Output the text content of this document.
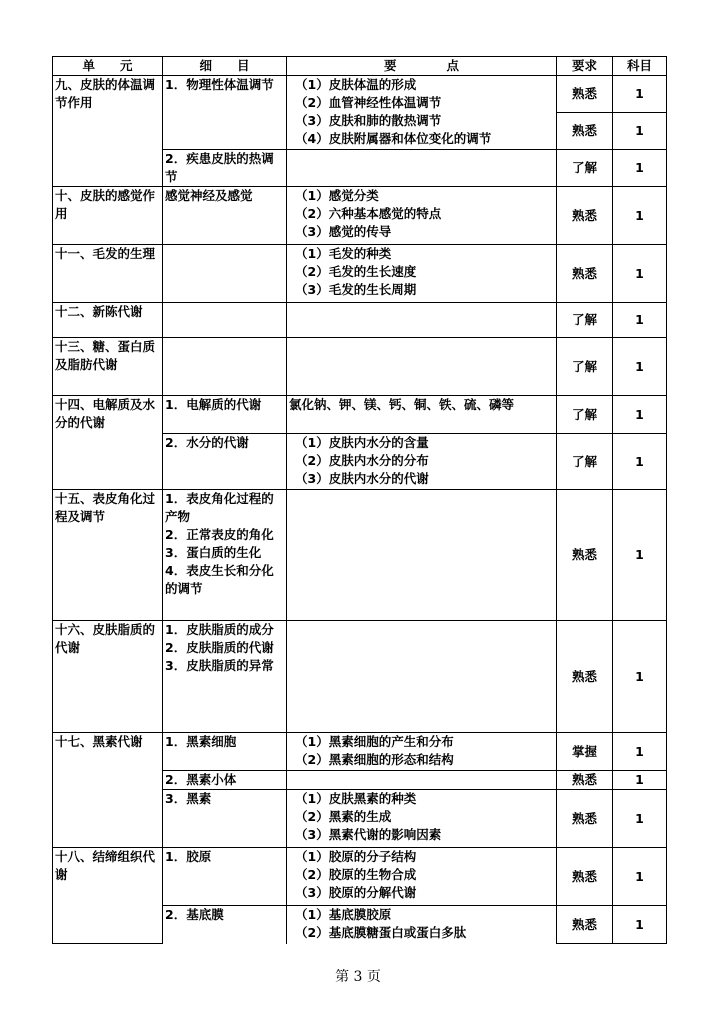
单　　元	细　　目	要　　　　点	要求	科目
九、皮肤的体温调节作用	1．物理性体温调节	（1）皮肤体温的形成
（2）血管神经性体温调节
（3）皮肤和肺的散热调节
（4）皮肤附属器和体位变化的调节	熟悉	1
			熟悉	1
	2．疾患皮肤的热调节		了解	1
十、皮肤的感觉作用	感觉神经及感觉	（1）感觉分类
（2）六种基本感觉的特点
（3）感觉的传导	熟悉	1
十一、毛发的生理		（1）毛发的种类
（2）毛发的生长速度
（3）毛发的生长周期	熟悉	1
十二、新陈代谢			了解	1
十三、糖、蛋白质及脂肪代谢			了解	1
十四、电解质及水分的代谢	1．电解质的代谢	氯化钠、钾、镁、钙、铜、铁、硫、磷等	了解	1
	2．水分的代谢	（1）皮肤内水分的含量
（2）皮肤内水分的分布
（3）皮肤内水分的代谢	了解	1
十五、表皮角化过程及调节	1．表皮角化过程的产物
2．正常表皮的角化
3．蛋白质的生化
4．表皮生长和分化的调节		熟悉	1
十六、皮肤脂质的代谢	1．皮肤脂质的成分
2．皮肤脂质的代谢
3．皮肤脂质的异常		熟悉	1
十七、黑素代谢	1．黑素细胞	（1）黑素细胞的产生和分布
（2）黑素细胞的形态和结构	掌握	1
	2．黑素小体		熟悉	1
	3．黑素	（1）皮肤黑素的种类
（2）黑素的生成
（3）黑素代谢的影响因素	熟悉	1
十八、结缔组织代谢	1．胶原	（1）胶原的分子结构
（2）胶原的生物合成
（3）胶原的分解代谢	熟悉	1
	2．基底膜	（1）基底膜胶原
（2）基底膜糖蛋白或蛋白多肽	熟悉	1
第 3 页
